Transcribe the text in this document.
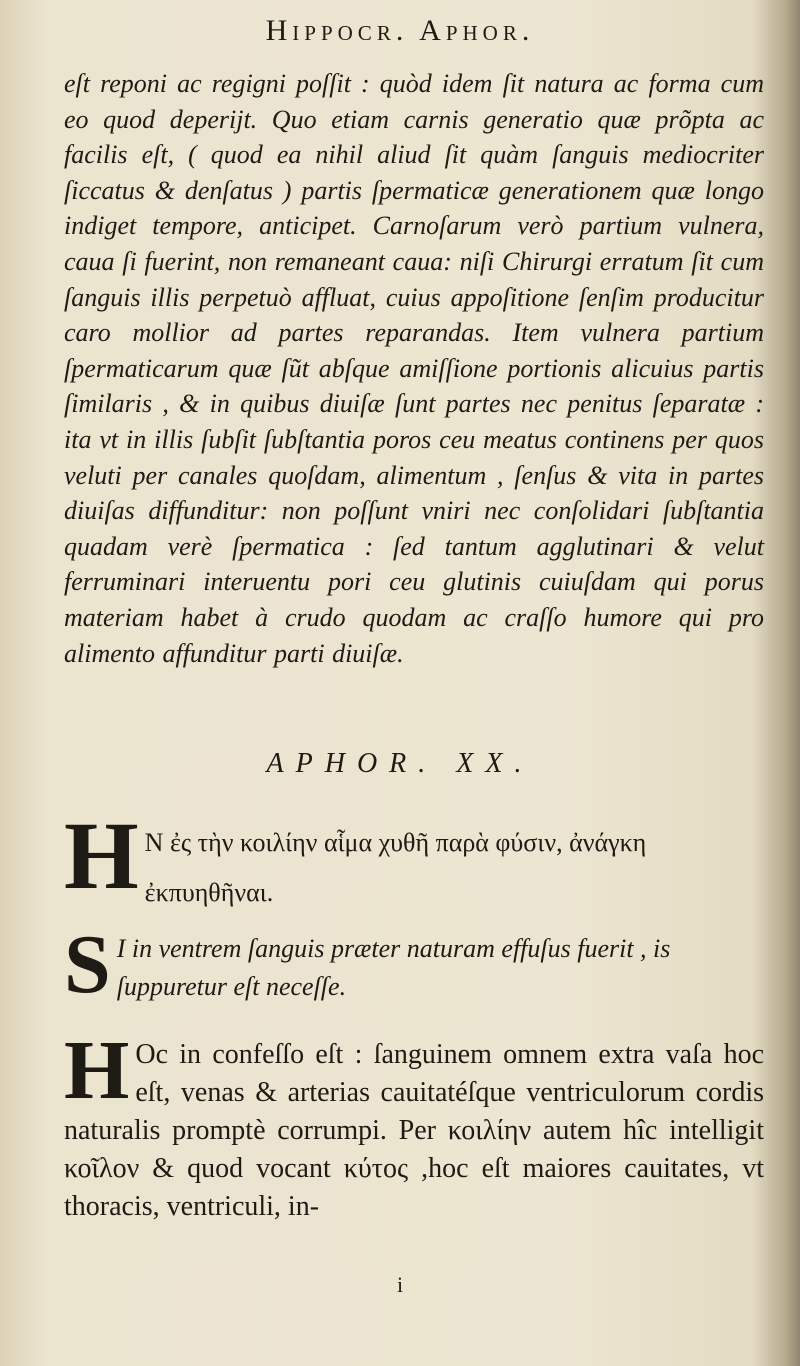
Hippocr. Aphor.
eſt reponi ac regigni poſſit : quòd idem ſit natura ac forma cum eo quod deperijt. Quo etiam carnis generatio quæ prõpta ac facilis eſt, ( quod ea nihil aliud ſit quàm ſanguis mediocriter ſiccatus & denſatus ) partis ſpermaticæ generationem quæ longo indiget tempore, anticipet. Carnoſarum verò partium vulnera, caua ſi fuerint, non remaneant caua: niſi Chirurgi erratum ſit cum ſanguis illis perpetuò affluat, cuius appoſitione ſenſim producitur caro mollior ad partes reparandas. Item vulnera partium ſpermaticarum quæ ſũt abſque amiſſione portionis alicuius partis ſimilaris , & in quibus diuiſæ ſunt partes nec penitus ſeparatæ : ita vt in illis ſubſit ſubſtantia poros ceu meatus continens per quos veluti per canales quoſdam, alimentum , ſenſus & vita in partes diuiſas diffunditur: non poſſunt vniri nec conſolidari ſubſtantia quadam verè ſpermatica : ſed tantum agglutinari & velut ferruminari interuentu pori ceu glutinis cuiuſdam qui porus materiam habet à crudo quodam ac craſſo humore qui pro alimento affunditur parti diuiſæ.
APHOR. XX.
H N ἐς τὴν κοιλίην αἷμα χυθῆ παρὰ φύσιν, ἀνάγκη ἐκπυηθῆναι.
S I in ventrem ſanguis præter naturam effuſus fuerit , is ſuppuretur eſt neceſſe.
H Oc in confeſſo eſt : ſanguinem omnem extra vaſa hoc eſt, venas & arterias cauitatéſque ventriculorum cordis naturalis promptè corrumpi. Per κοιλίην autem hîc intelligit κοῖλον & quod vocant κύτος ,hoc eſt maiores cauitates, vt thoracis, ventriculi, in-
i
